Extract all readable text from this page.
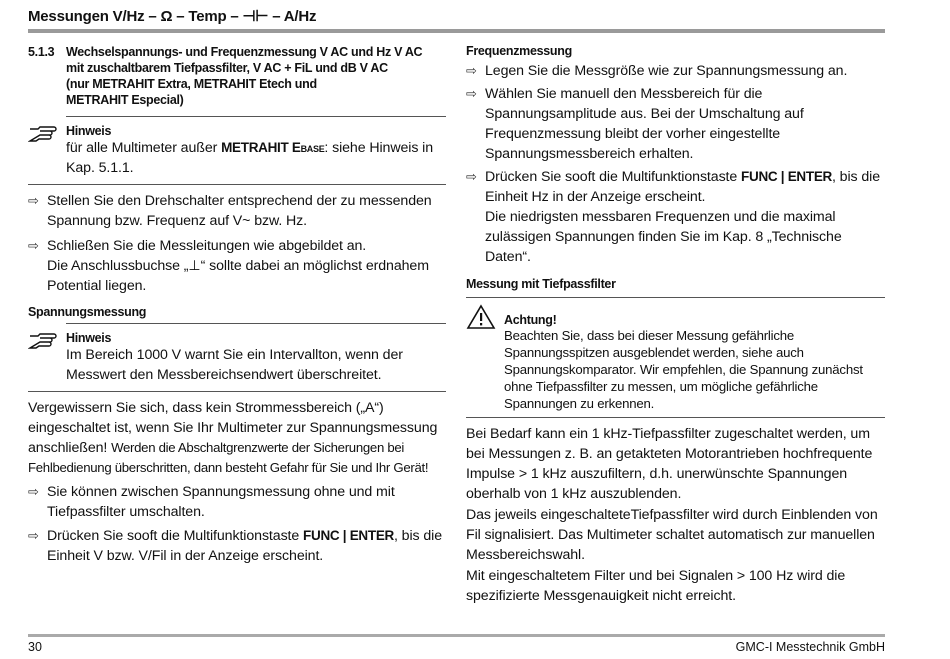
Messungen V/Hz – Ω – Temp – ⊣⊢ – A/Hz
5.1.3 Wechselspannungs- und Frequenzmessung V AC und Hz V AC
mit zuschaltbarem Tiefpassfilter, V AC + FiL und dB V AC
(nur METRAHIT Extra, METRAHIT Etech und
METRAHIT Especial)
Hinweis
für alle Multimeter außer METRAHIT Ebase: siehe Hinweis in Kap. 5.1.1.
⇨ Stellen Sie den Drehschalter entsprechend der zu messenden Spannung bzw. Frequenz auf V~ bzw. Hz.
⇨ Schließen Sie die Messleitungen wie abgebildet an.
Die Anschlussbuchse „⊥“ sollte dabei an möglichst erdnahem Potential liegen.
Spannungsmessung
Hinweis
Im Bereich 1000 V warnt Sie ein Intervallton, wenn der Messwert den Messbereichsendwert überschreitet.
Vergewissern Sie sich, dass kein Strommessbereich („A“) eingeschaltet ist, wenn Sie Ihr Multimeter zur Spannungsmessung anschließen! Werden die Abschaltgrenzwerte der Sicherungen bei Fehlbedienung überschritten, dann besteht Gefahr für Sie und Ihr Gerät!
⇨ Sie können zwischen Spannungsmessung ohne und mit Tiefpassfilter umschalten.
⇨ Drücken Sie sooft die Multifunktionstaste FUNC | ENTER, bis die Einheit V bzw. V/Fil in der Anzeige erscheint.
Frequenzmessung
⇨ Legen Sie die Messgröße wie zur Spannungsmessung an.
⇨ Wählen Sie manuell den Messbereich für die Spannungsamplitude aus. Bei der Umschaltung auf Frequenzmessung bleibt der vorher eingestellte Spannungsmessbereich erhalten.
⇨ Drücken Sie sooft die Multifunktionstaste FUNC | ENTER, bis die Einheit Hz in der Anzeige erscheint.
Die niedrigsten messbaren Frequenzen und die maximal zulässigen Spannungen finden Sie im Kap. 8 „Technische Daten“.
Messung mit Tiefpassfilter
Achtung!
Beachten Sie, dass bei dieser Messung gefährliche Spannungsspitzen ausgeblendet werden, siehe auch Spannungskomparator. Wir empfehlen, die Spannung zunächst ohne Tiefpassfilter zu messen, um mögliche gefährliche Spannungen zu erkennen.
Bei Bedarf kann ein 1 kHz-Tiefpassfilter zugeschaltet werden, um bei Messungen z. B. an getakteten Motorantrieben hochfrequente Impulse > 1 kHz auszufiltern, d.h. unerwünschte Spannungen oberhalb von 1 kHz auszublenden.
Das jeweils eingeschalteteTiefpassfilter wird durch Einblenden von Fil signalisiert. Das Multimeter schaltet automatisch zur manuellen Messbereichswahl.
Mit eingeschaltetem Filter und bei Signalen > 100 Hz wird die spezifizierte Messgenauigkeit nicht erreicht.
30	GMC-I Messtechnik GmbH
